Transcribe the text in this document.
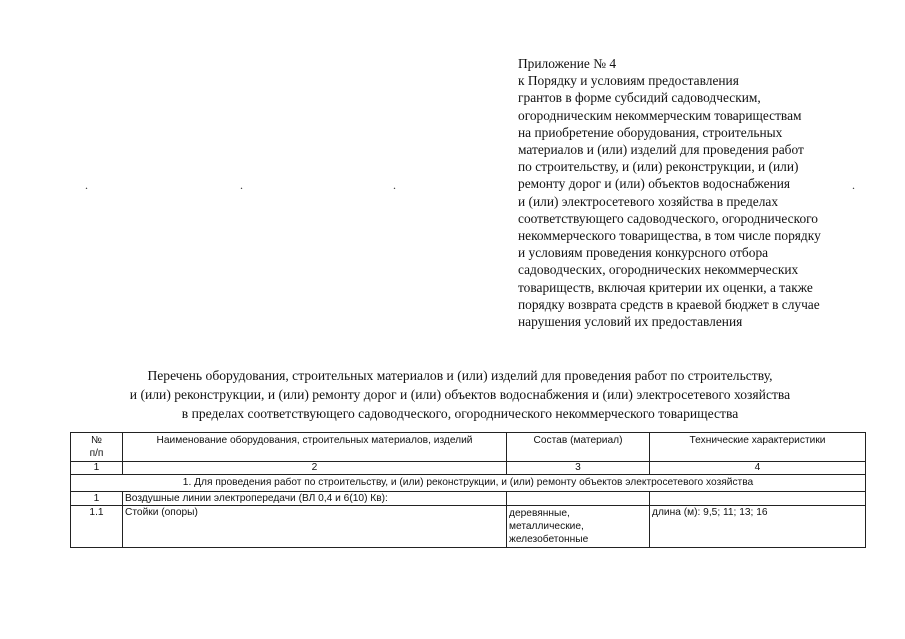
Приложение № 4
к Порядку и условиям предоставления
грантов в форме субсидий садоводческим,
огородническим некоммерческим товариществам
на приобретение оборудования, строительных
материалов и (или) изделий для проведения работ
по строительству, и (или) реконструкции, и (или)
ремонту дорог и (или) объектов водоснабжения
и (или) электросетевого хозяйства в пределах
соответствующего садоводческого, огороднического
некоммерческого товарищества, в том числе порядку
и условиям проведения конкурсного отбора
садоводческих, огороднических некоммерческих
товариществ, включая критерии их оценки, а также
порядку возврата средств в краевой бюджет в случае
нарушения условий их предоставления
.	.	.	.
Перечень оборудования, строительных материалов и (или) изделий для проведения работ по строительству,
и (или) реконструкции, и (или) ремонту дорог и (или) объектов водоснабжения и (или) электросетевого хозяйства
в пределах соответствующего садоводческого, огороднического некоммерческого товарищества
№
п/п	Наименование оборудования, строительных материалов, изделий	Состав (материал)	Технические характеристики
1	2	3	4
1. Для проведения работ по строительству, и (или) реконструкции, и (или) ремонту объектов электросетевого хозяйства			
1	Воздушные линии электропередачи (ВЛ 0,4 и 6(10) Кв):		
1.1	Стойки (опоры)	деревянные,
металлические,
железобетонные	длина (м): 9,5; 11; 13; 16
